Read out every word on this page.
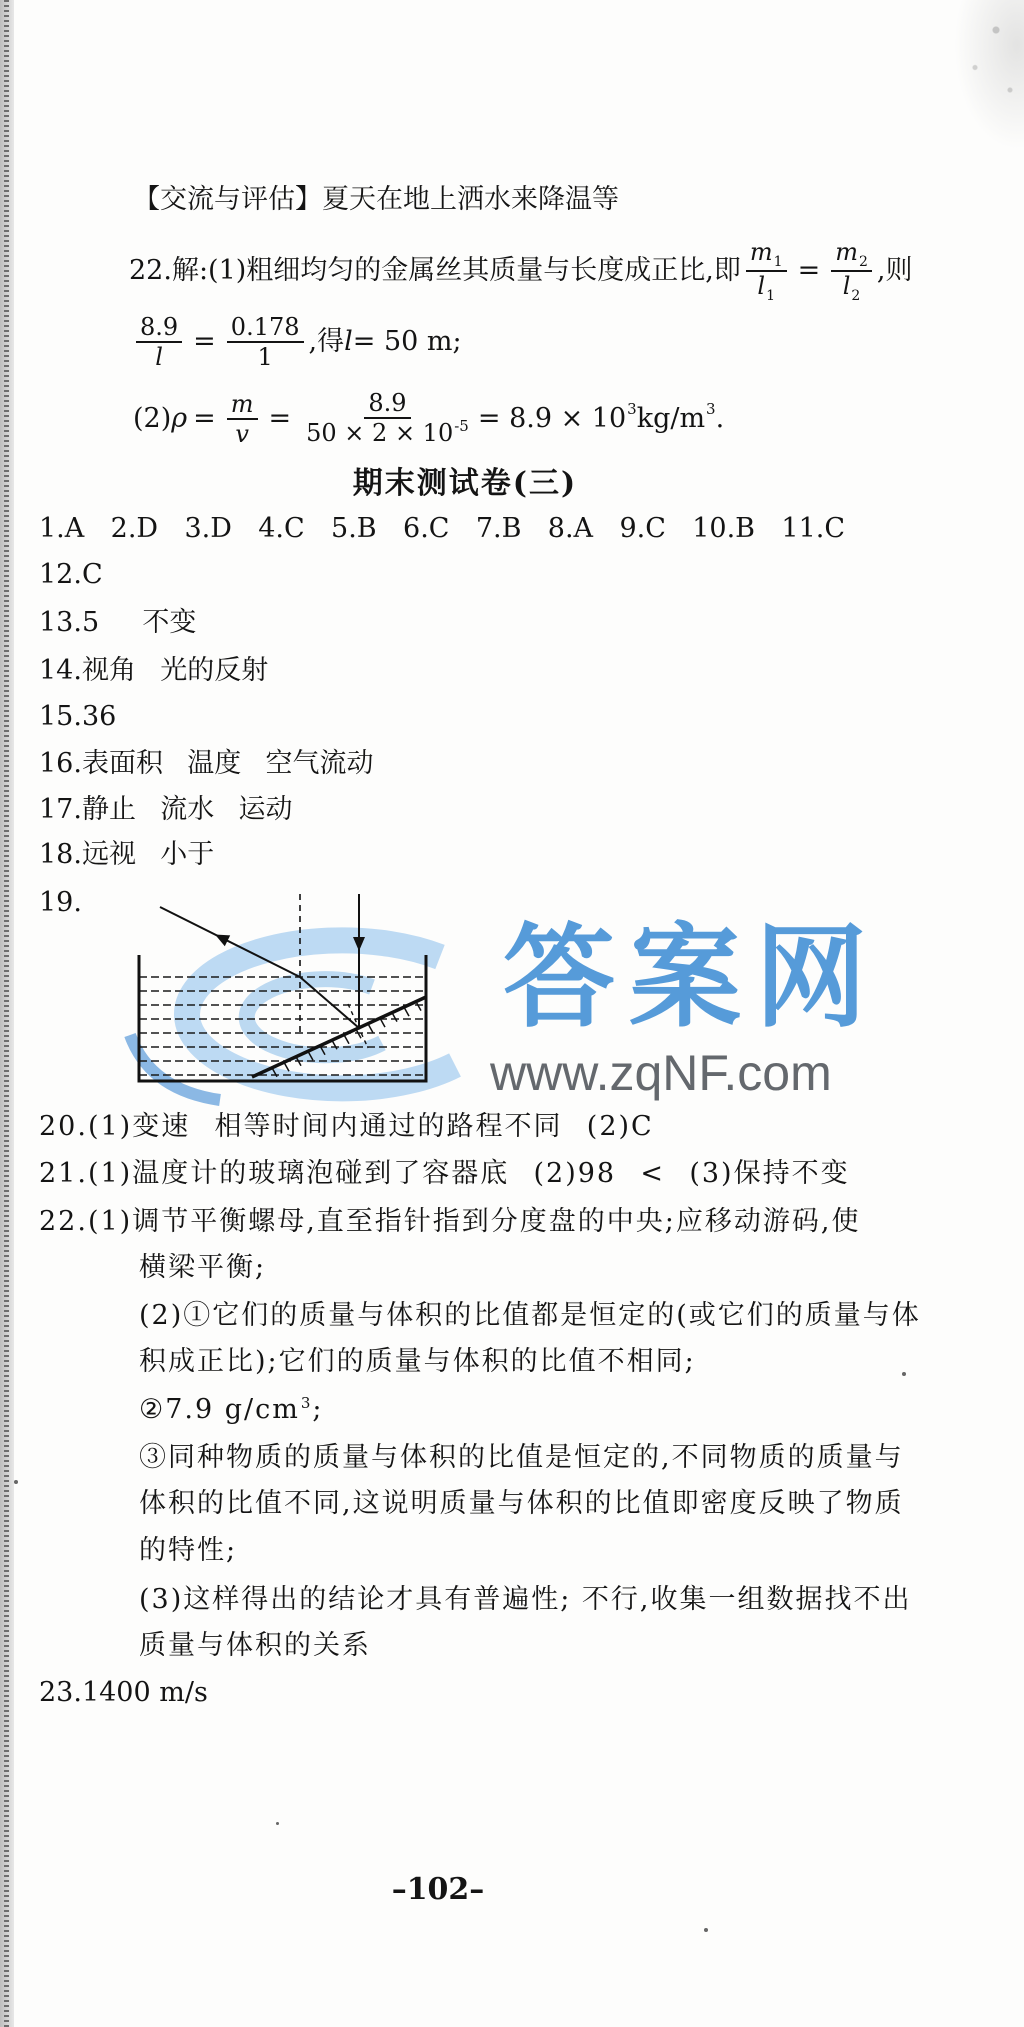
【交流与评估】夏天在地上洒水来降温等
22. 解:(1)粗细均匀的金属丝其质量与长度成正比,即 $\frac{m_1}{l_1} = \frac{m_2}{l_2}$ ,则
$\frac{8.9}{l} = \frac{0.178}{1}$ ,得 l = 50 m;
(2) $\rho = \frac{m}{v} = \frac{8.9}{50 \times 2 \times 10^{-5}} = 8.9 \times 10$ 3 kg/m 3 .
期末测试卷(三)
1.A 2.D 3.D 4.C 5.B 6.C 7.B 8.A 9.C 10.B 11.C
12.C
13.5 不变
14.视角 光的反射
15.36
16.表面积 温度 空气流动
17.静止 流水 运动
18.远视 小于
19.
答案网
www.zqNF.com
20.(1)变速 相等时间内通过的路程不同 (2)C
21.(1)温度计的玻璃泡碰到了容器底 (2)98 < (3)保持不变
22.(1)调节平衡螺母,直至指针指到分度盘的中央;应移动游码,使
横梁平衡;
(2)①它们的质量与体积的比值都是恒定的(或它们的质量与体
积成正比);它们的质量与体积的比值不相同;
②7.9 $g/cm^3$;
③同种物质的质量与体积的比值是恒定的,不同物质的质量与
体积的比值不同,这说明质量与体积的比值即密度反映了物质
的特性;
(3)这样得出的结论才具有普遍性; 不行,收集一组数据找不出
质量与体积的关系
23.1400 m/s
–102–
